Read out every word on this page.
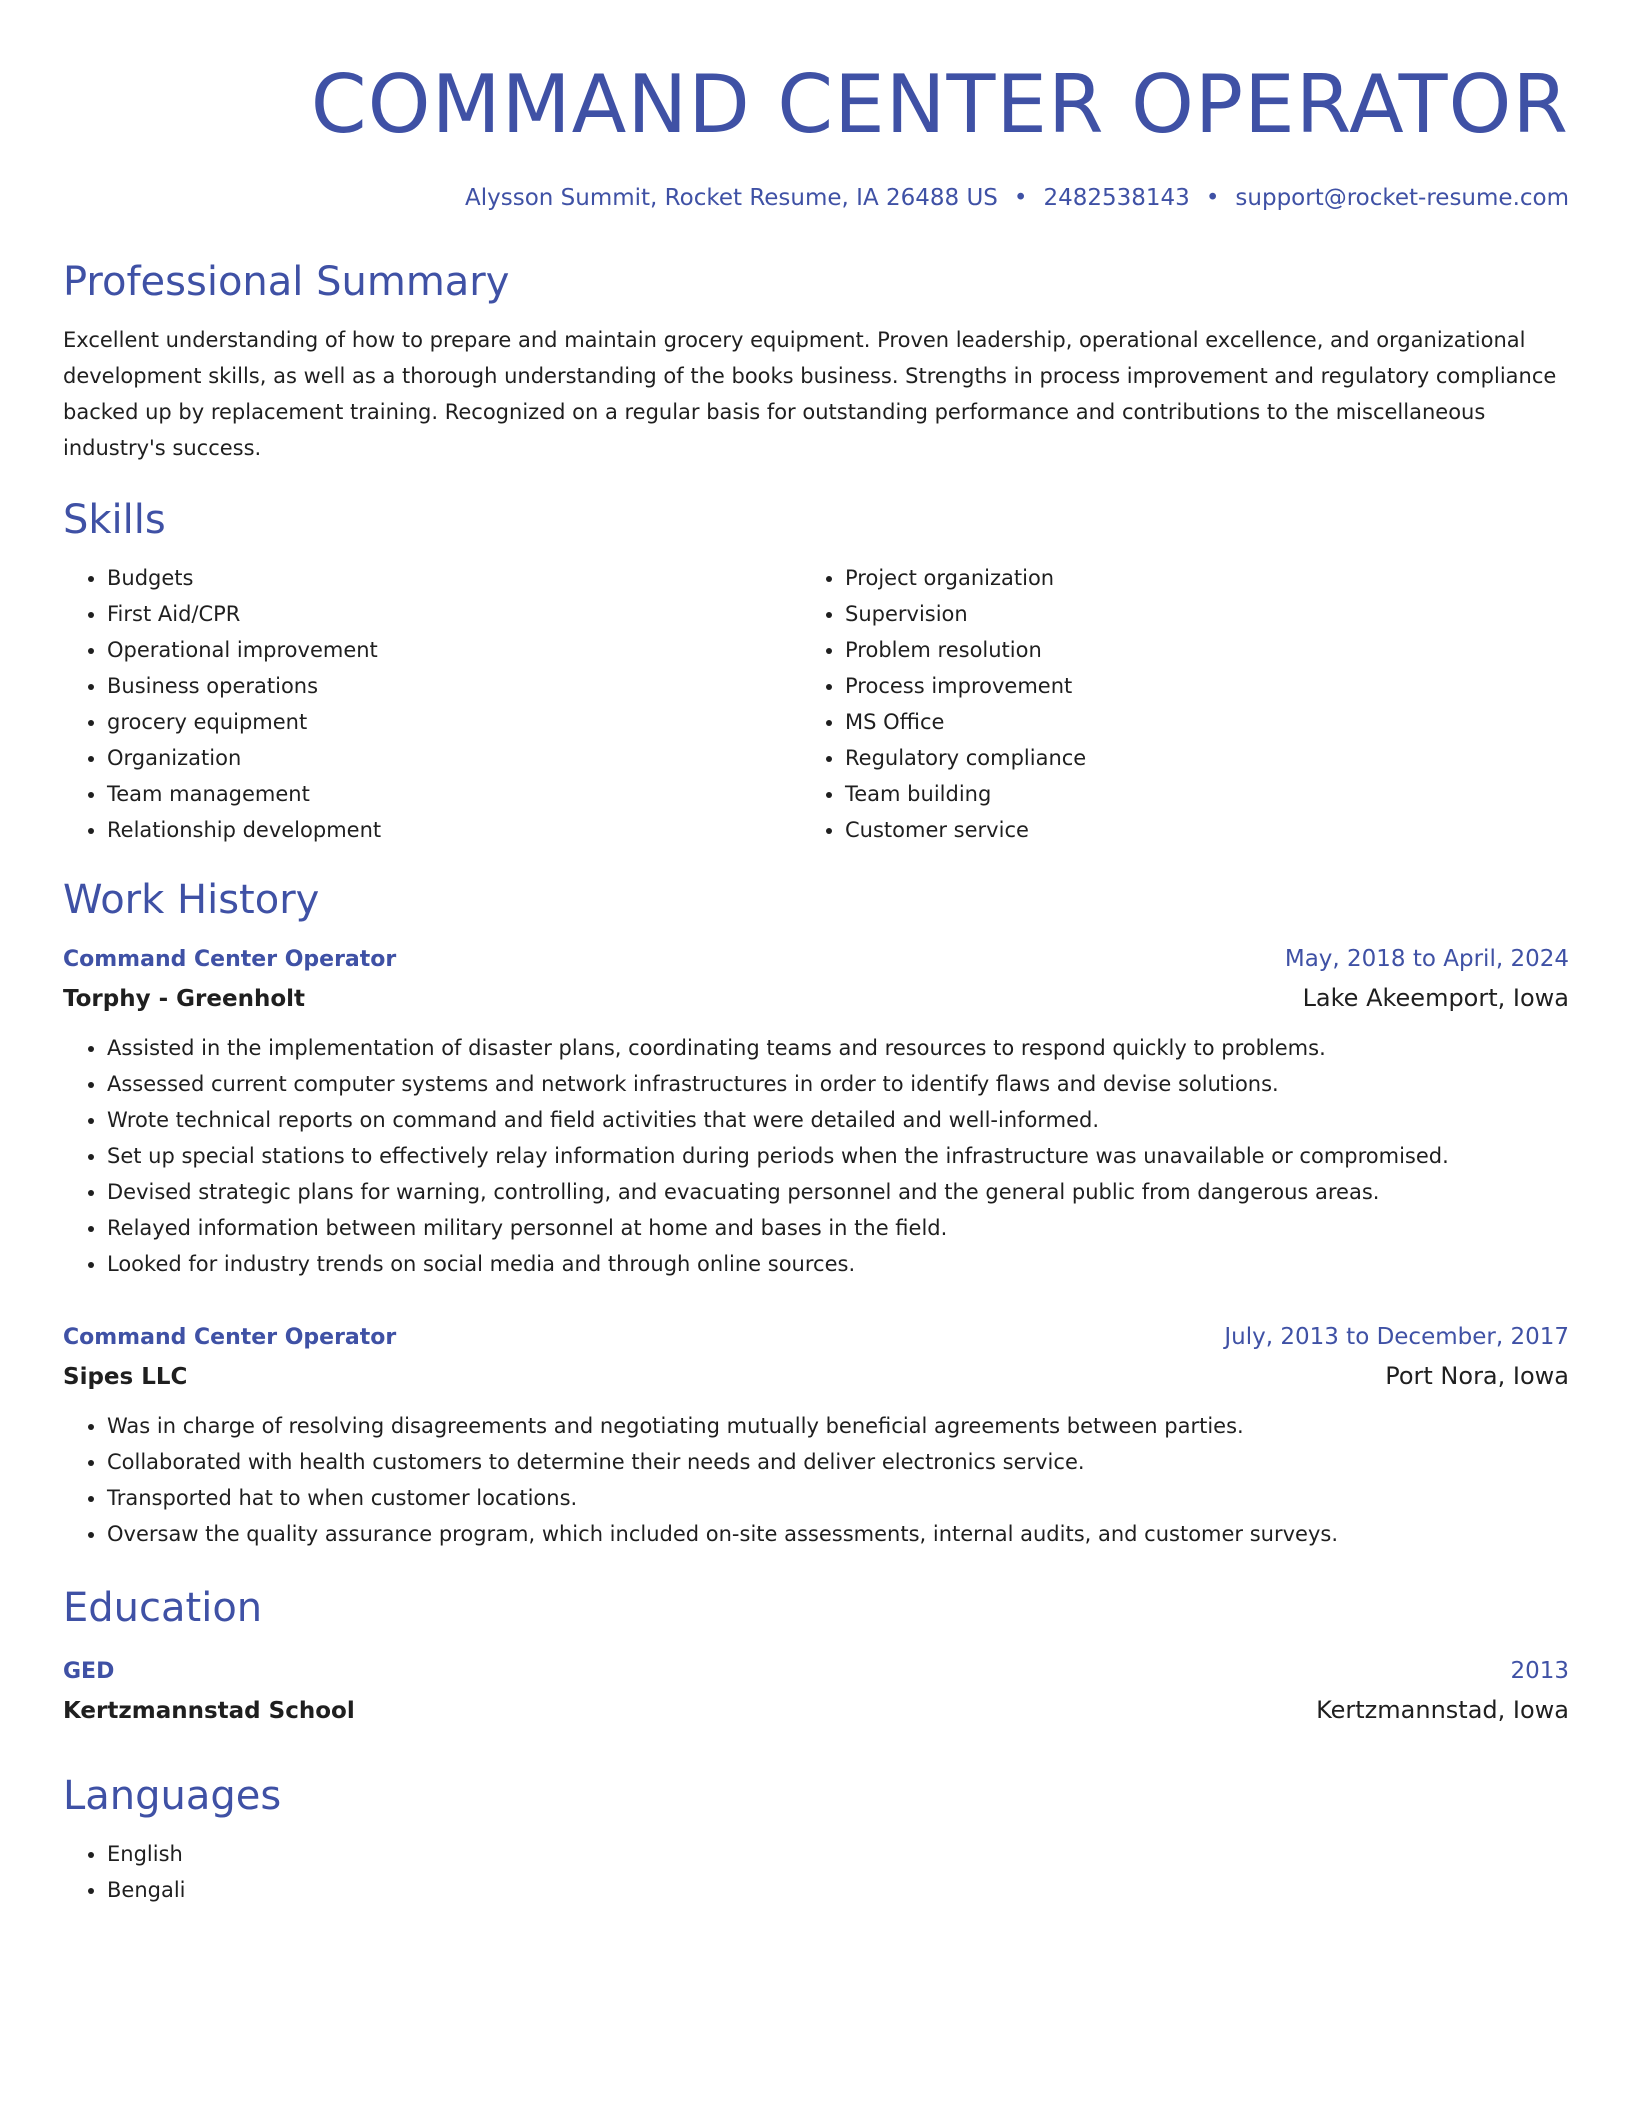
COMMAND CENTER OPERATOR
Alysson Summit, Rocket Resume, IA 26488 US • 2482538143 • support@rocket-resume.com
Professional Summary

Excellent understanding of how to prepare and maintain grocery equipment. Proven leadership, operational excellence, and organizational development skills, as well as a thorough understanding of the books business. Strengths in process improvement and regulatory compliance backed up by replacement training. Recognized on a regular basis for outstanding performance and contributions to the miscellaneous industry's success.

Skills
• Budgets
• First Aid/CPR
• Operational improvement
• Business operations
• grocery equipment
• Organization
• Team management
• Relationship development
• Project organization
• Supervision
• Problem resolution
• Process improvement
• MS Office
• Regulatory compliance
• Team building
• Customer service
Work History
Command Center Operator	May, 2018 to April, 2024
Torphy - Greenholt	Lake Akeemport, Iowa
• Assisted in the implementation of disaster plans, coordinating teams and resources to respond quickly to problems.
• Assessed current computer systems and network infrastructures in order to identify flaws and devise solutions.
• Wrote technical reports on command and field activities that were detailed and well-informed.
• Set up special stations to effectively relay information during periods when the infrastructure was unavailable or compromised.
• Devised strategic plans for warning, controlling, and evacuating personnel and the general public from dangerous areas.
• Relayed information between military personnel at home and bases in the field.
• Looked for industry trends on social media and through online sources.
Command Center Operator	July, 2013 to December, 2017
Sipes LLC	Port Nora, Iowa
• Was in charge of resolving disagreements and negotiating mutually beneficial agreements between parties.
• Collaborated with health customers to determine their needs and deliver electronics service.
• Transported hat to when customer locations.
• Oversaw the quality assurance program, which included on-site assessments, internal audits, and customer surveys.
Education
GED	2013
Kertzmannstad School	Kertzmannstad, Iowa
Languages
• English
• Bengali
